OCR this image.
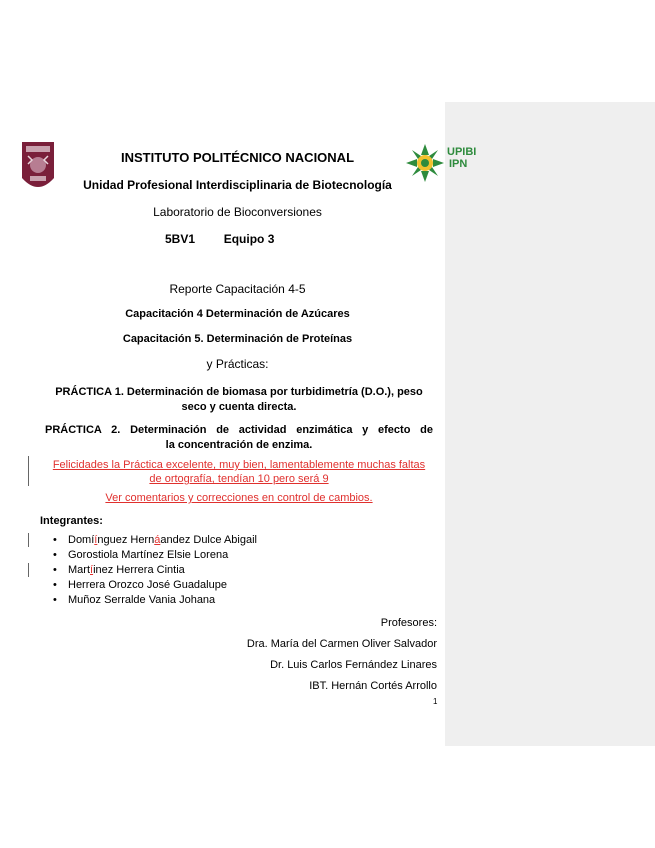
UPIBI
IPN
INSTITUTO POLITÉCNICO NACIONAL
Unidad Profesional Interdisciplinaria de Biotecnología
Laboratorio de Bioconversiones
5BV1 Equipo 3
Reporte Capacitación 4-5
Capacitación 4 Determinación de Azúcares
Capacitación 5. Determinación de Proteínas
y Prácticas:
PRÁCTICA 1. Determinación de biomasa por turbidimetría (D.O.), peso
seco y cuenta directa.
PRÁCTICA 2. Determinación de actividad enzimática y efecto de
la concentración de enzima.
Felicidades la Práctica excelente, muy bien, lamentablemente muchas faltas
de ortografía, tendían 10 pero será 9
Ver comentarios y correcciones en control de cambios.
Integrantes:
• Domíínguez Hernáandez Dulce Abigail
• Gorostiola Martínez Elsie Lorena
• Martíinez Herrera Cintia
• Herrera Orozco José Guadalupe
• Muñoz Serralde Vania Johana
Profesores:
Dra. María del Carmen Oliver Salvador
Dr. Luis Carlos Fernández Linares
IBT. Hernán Cortés Arrollo
1
